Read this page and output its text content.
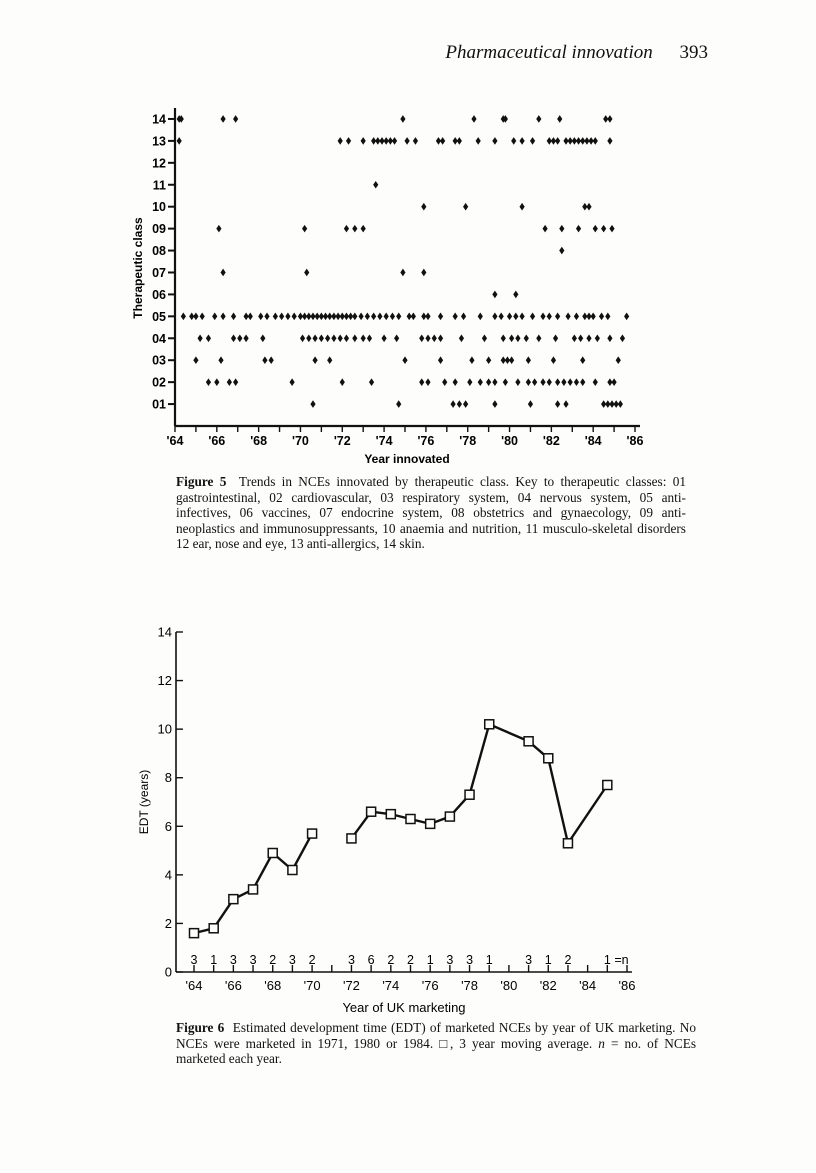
Pharmaceutical innovation 393
01
02
03
04
05
06
07
08
09
10
11
12
13
14
'64 '66 '68 '70 '72 '74 '76 '78 '80 '82 '84 '86
Therapeutic class
Year innovated
Figure 5 Trends in NCEs innovated by therapeutic class. Key to therapeutic classes: 01 gastrointestinal, 02 cardiovascular, 03 respiratory system, 04 nervous system, 05 anti-infectives, 06 vaccines, 07 endocrine system, 08 obstetrics and gynaecology, 09 anti-neoplastics and immunosuppressants, 10 anaemia and nutrition, 11 musculo-skeletal disorders 12 ear, nose and eye, 13 anti-allergics, 14 skin.
0
2
4
6
8
10
12
14
'64 '66 '68 '70 '72 '74 '76 '78 '80 '82 '84 '86
3 1 3 3 2 3 2	3 6 2 2 1 3 3 1	3 1 2	1 =n
EDT (years)
Year of UK marketing
Figure 6 Estimated development time (EDT) of marketed NCEs by year of UK marketing. No NCEs were marketed in 1971, 1980 or 1984. □, 3 year moving average. n = no. of NCEs marketed each year.
